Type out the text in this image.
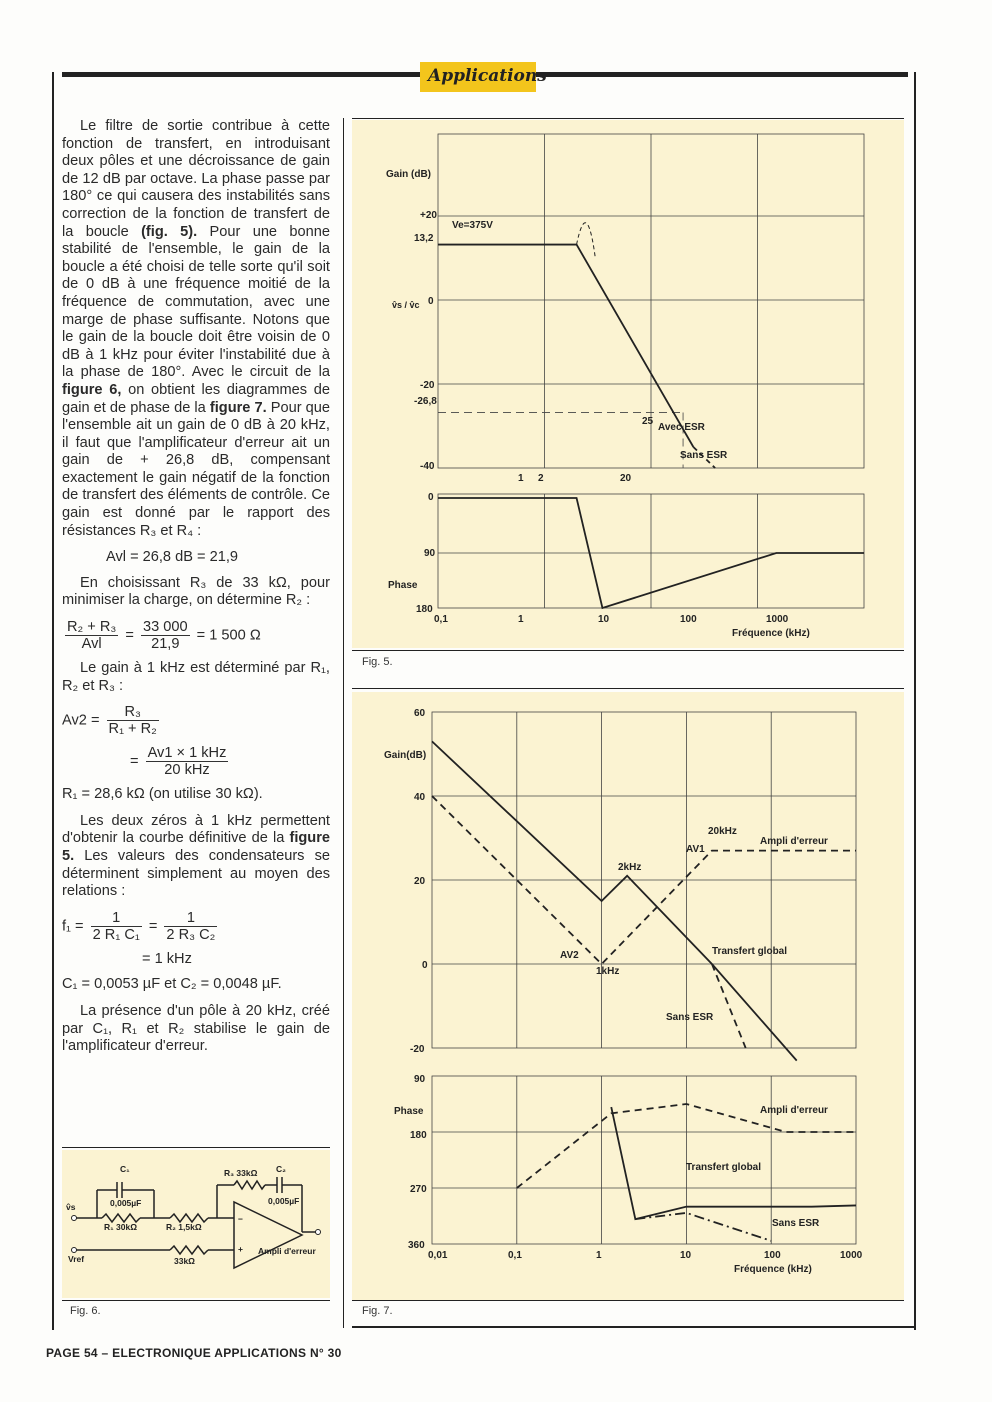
Applications

Le filtre de sortie contribue à cette fonction de transfert, en introduisant deux pôles et une décroissance de gain de 12 dB par octave. La phase passe par 180° ce qui causera des instabilités sans correction de la fonction de transfert de la boucle (fig. 5). Pour une bonne stabilité de l'ensemble, le gain de la boucle a été choisi de telle sorte qu'il soit de 0 dB à une fréquence moitié de la fréquence de commutation, avec une marge de phase suffisante. Notons que le gain de la boucle doit être voisin de 0 dB à 1 kHz pour éviter l'instabilité due à la phase de 180°. Avec le circuit de la figure 6, on obtient les diagrammes de gain et de phase de la figure 7. Pour que l'ensemble ait un gain de 0 dB à 20 kHz, il faut que l'amplificateur d'erreur ait un gain de + 26,8 dB, compensant exactement le gain négatif de la fonction de transfert des éléments de contrôle. Ce gain est donné par le rapport des résistances R₃ et R₄ :

Avl = 26,8 dB = 21,9

En choisissant R₃ de 33 kΩ, pour minimiser la charge, on détermine R₂ :

$\frac{\text{R₂ + R₃}}{\text{Avl}} = \frac{33 000}{21,9} = 1$ 500 Ω

Le gain à 1 kHz est déterminé par R₁, R₂ et R₃ :

$Av2 = \frac{\text{R₃}}{\text{R₁ + R₂}}$
= $\frac{\text{Av1 × 1 kHz}}{\text{20 kHz}}$

R₁ = 28,6 kΩ (on utilise 30 kΩ).

Les deux zéros à 1 kHz permettent d'obtenir la courbe définitive de la figure 5. Les valeurs des condensateurs se déterminent simplement au moyen des relations :

$f_1 = \frac{1}{\text{2 R₁ C₁}} = \frac{1}{\text{2 R₃ C₂}}$
= 1 kHz

C₁ = 0,0053 µF et C₂ = 0,0048 µF.

La présence d'un pôle à 20 kHz, créé par C₁, R₁ et R₂ stabilise le gain de l'amplificateur d'erreur.

C₁
0,005µF
R₃ 33kΩ C₂
0,005µF
v̂s
R₁ 30kΩ	R₂ 1,5kΩ
Vref	33kΩ
Ampli d'erreur
−
+
Fig. 6.
Gain (dB)
v̂s / v̂c
+20
13,2
0
-20
-26,8
-40
Ve=375V
1 2	20
25
Avec ESR
Sans ESR
0
90
Phase
180
0,1	1	10	100	1000
Fréquence (kHz)
Fig. 5.
60
Gain(dB)
40
20
0
-20
20kHz
Ampli d'erreur
AV1
2kHz
AV2
1kHz
Transfert global
Sans ESR
90
Phase
180
270
Ampli d'erreur
Transfert global
Sans ESR
360
0,01	0,1	1	10	100	1000
Fréquence (kHz)
Fig. 7.
PAGE 54 – ELECTRONIQUE APPLICATIONS N° 30
